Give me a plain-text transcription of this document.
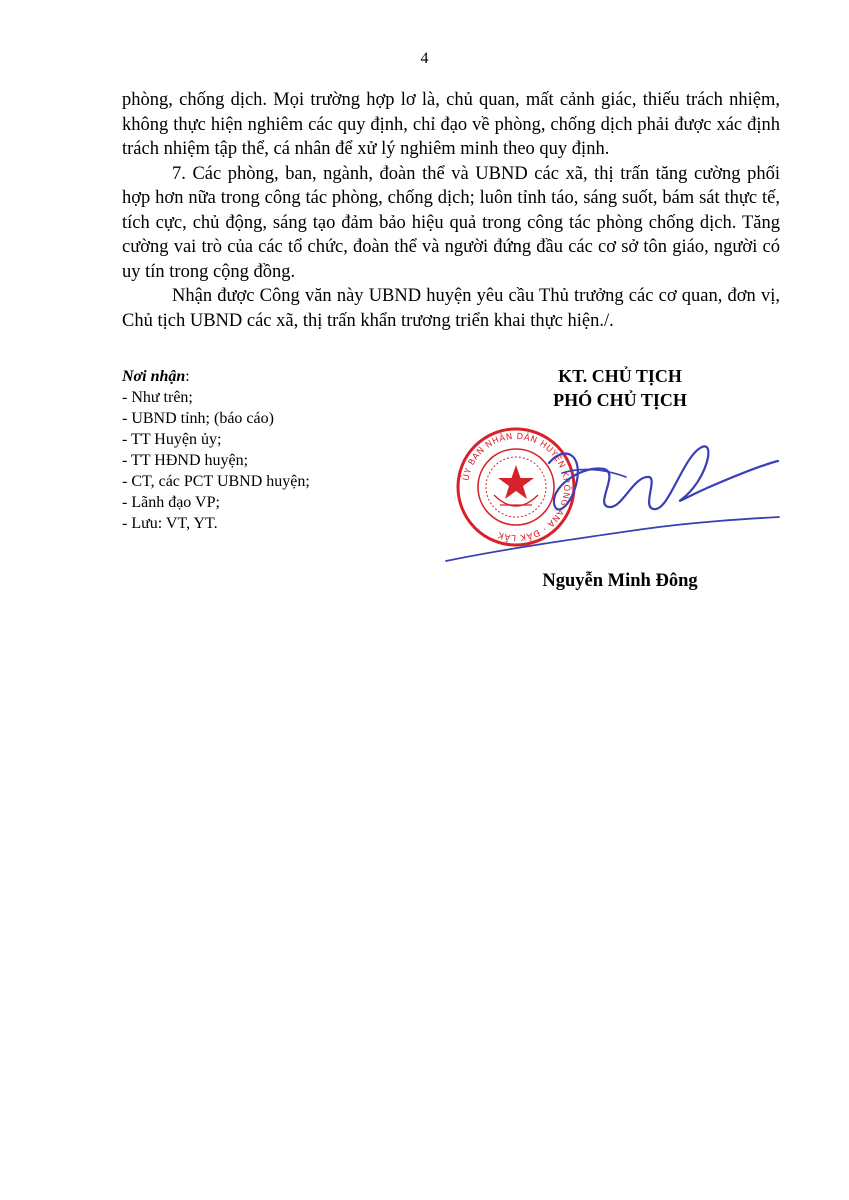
4

phòng, chống dịch. Mọi trường hợp lơ là, chủ quan, mất cảnh giác, thiếu trách nhiệm, không thực hiện nghiêm các quy định, chỉ đạo về phòng, chống dịch phải được xác định trách nhiệm tập thể, cá nhân để xử lý nghiêm minh theo quy định.

7. Các phòng, ban, ngành, đoàn thể và UBND các xã, thị trấn tăng cường phối hợp hơn nữa trong công tác phòng, chống dịch; luôn tỉnh táo, sáng suốt, bám sát thực tế, tích cực, chủ động, sáng tạo đảm bảo hiệu quả trong công tác phòng chống dịch. Tăng cường vai trò của các tổ chức, đoàn thể và người đứng đầu các cơ sở tôn giáo, người có uy tín trong cộng đồng.

Nhận được Công văn này UBND huyện yêu cầu Thủ trưởng các cơ quan, đơn vị, Chủ tịch UBND các xã, thị trấn khẩn trương triển khai thực hiện./.

Nơi nhận:
- Như trên;
- UBND tỉnh; (báo cáo)
- TT Huyện ủy;
- TT HĐND huyện;
- CT, các PCT UBND huyện;
- Lãnh đạo VP;
- Lưu: VT, YT.
KT. CHỦ TỊCH
PHÓ CHỦ TỊCH
ỦY BAN NHÂN DÂN HUYỆN KRÔNG ANA · ĐẮK LẮK
Nguyễn Minh Đông
